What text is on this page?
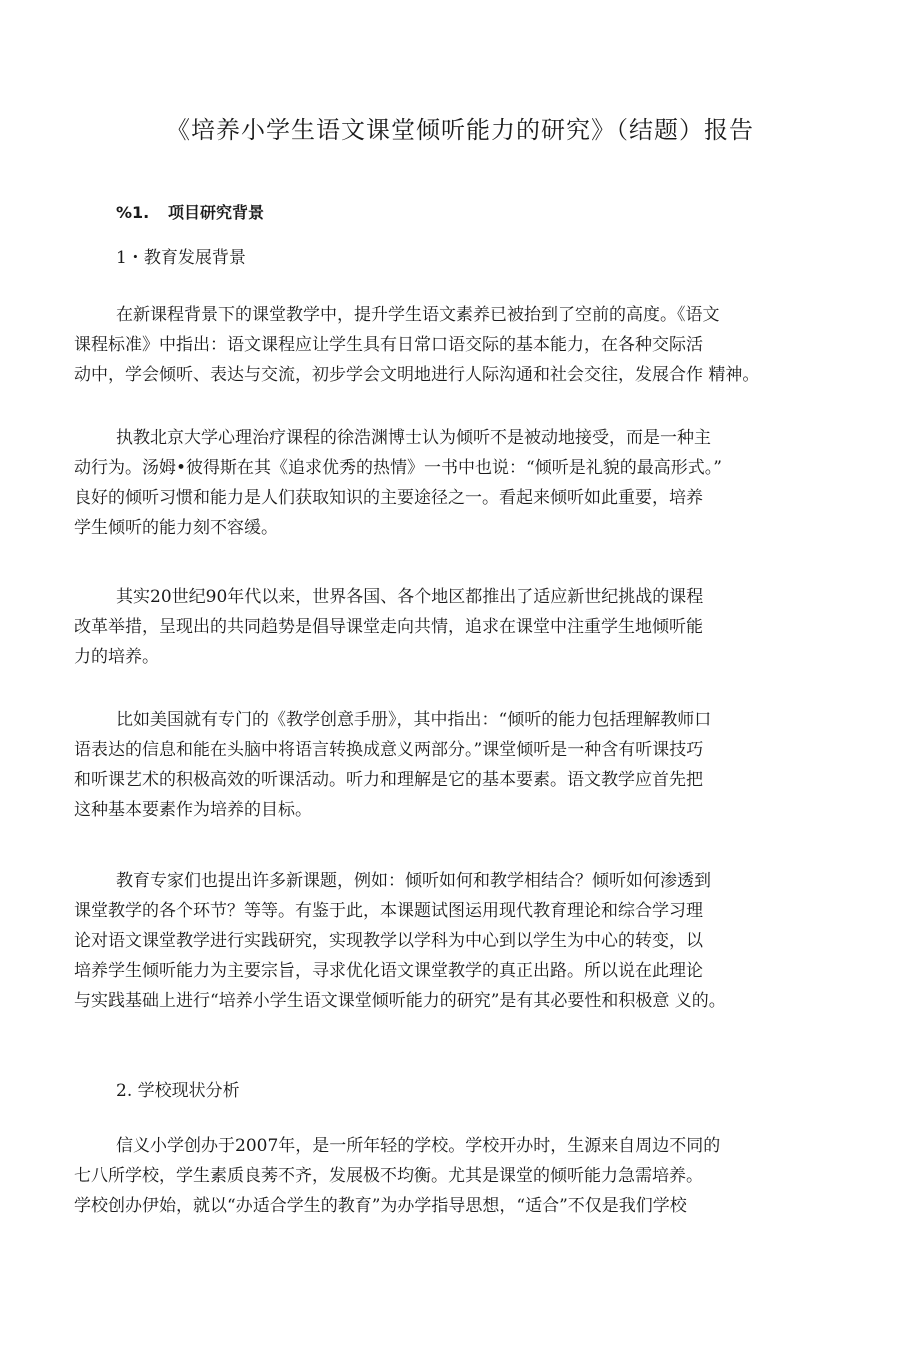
《培养小学生语文课堂倾听能力的研究》（结题）报告
%1. 项目研究背景
1・教育发展背景
在新课程背景下的课堂教学中，提升学生语文素养已被抬到了空前的高度。《语文
课程标准》中指出：语文课程应让学生具有日常口语交际的基本能力，在各种交际活
动中，学会倾听、表达与交流，初步学会文明地进行人际沟通和社会交往，发展合作 精神。
执教北京大学心理治疗课程的徐浩渊博士认为倾听不是被动地接受，而是一种主
动行为。汤姆•彼得斯在其《追求优秀的热情》一书中也说：“倾听是礼貌的最高形式。”
良好的倾听习惯和能力是人们获取知识的主要途径之一。看起来倾听如此重要，培养
学生倾听的能力刻不容缓。
其实20世纪90年代以来，世界各国、各个地区都推出了适应新世纪挑战的课程
改革举措，呈现出的共同趋势是倡导课堂走向共情，追求在课堂中注重学生地倾听能
力的培养。
比如美国就有专门的《教学创意手册》，其中指出：“倾听的能力包括理解教师口
语表达的信息和能在头脑中将语言转换成意义两部分。”课堂倾听是一种含有听课技巧
和听课艺术的积极高效的听课活动。听力和理解是它的基本要素。语文教学应首先把
这种基本要素作为培养的目标。
教育专家们也提出许多新课题，例如：倾听如何和教学相结合？倾听如何渗透到
课堂教学的各个环节？等等。有鉴于此，本课题试图运用现代教育理论和综合学习理
论对语文课堂教学进行实践研究，实现教学以学科为中心到以学生为中心的转变，以
培养学生倾听能力为主要宗旨，寻求优化语文课堂教学的真正出路。所以说在此理论
与实践基础上进行“培养小学生语文课堂倾听能力的研究”是有其必要性和积极意 义的。
2. 学校现状分析
信义小学创办于2007年，是一所年轻的学校。学校开办时，生源来自周边不同的
七八所学校，学生素质良莠不齐，发展极不均衡。尤其是课堂的倾听能力急需培养。
学校创办伊始，就以“办适合学生的教育”为办学指导思想，“适合”不仅是我们学校
